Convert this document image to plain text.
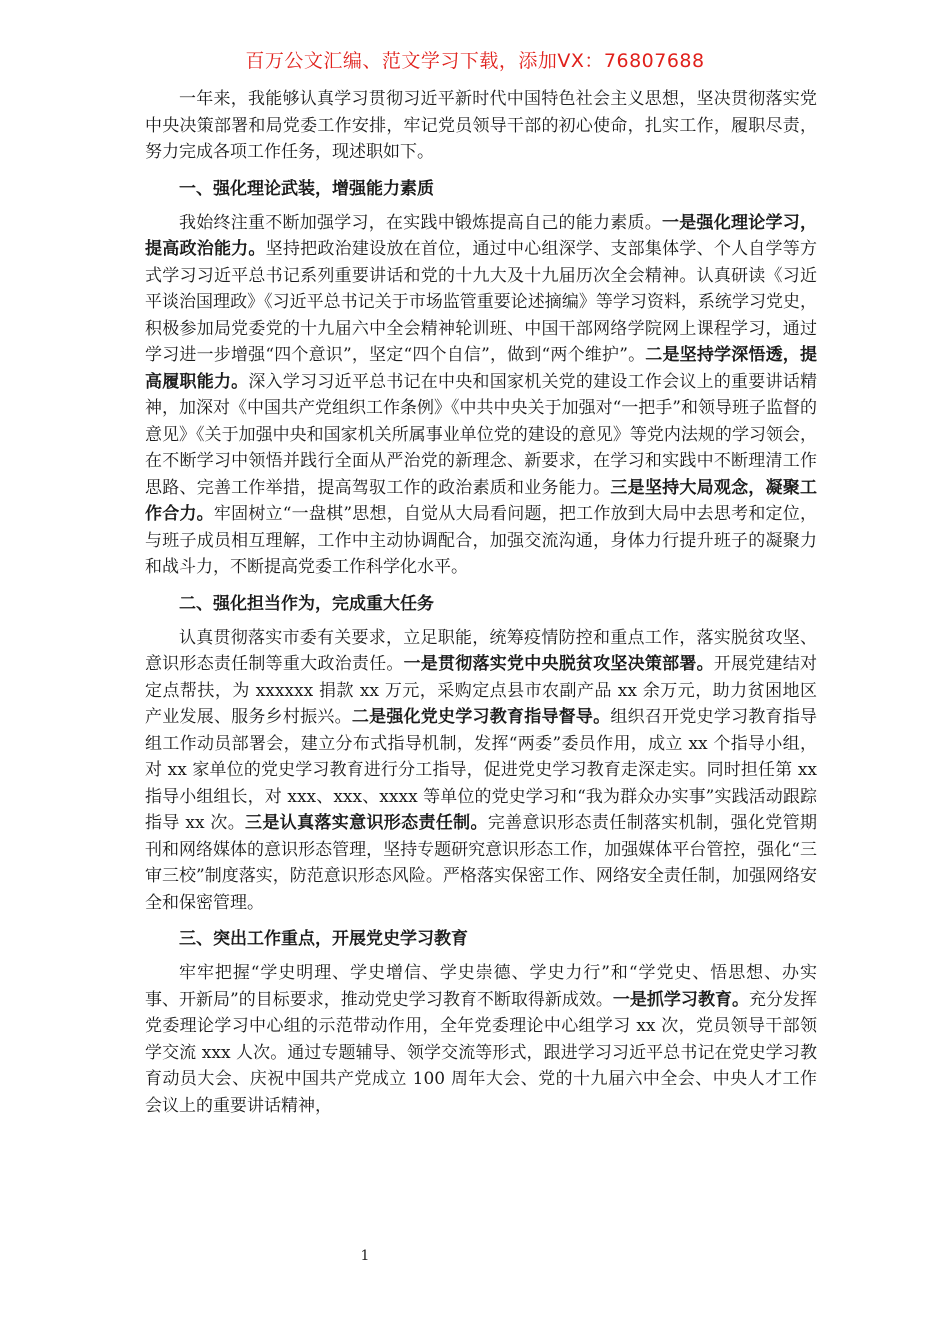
百万公文汇编、范文学习下载，添加VX：76807688

一年来，我能够认真学习贯彻习近平新时代中国特色社会主义思想，坚决贯彻落实党中央决策部署和局党委工作安排，牢记党员领导干部的初心使命，扎实工作，履职尽责，努力完成各项工作任务，现述职如下。

一、强化理论武装，增强能力素质

我始终注重不断加强学习，在实践中锻炼提高自己的能力素质。一是强化理论学习，提高政治能力。坚持把政治建设放在首位，通过中心组深学、支部集体学、个人自学等方式学习习近平总书记系列重要讲话和党的十九大及十九届历次全会精神。认真研读《习近平谈治国理政》《习近平总书记关于市场监管重要论述摘编》等学习资料，系统学习党史，积极参加局党委党的十九届六中全会精神轮训班、中国干部网络学院网上课程学习，通过学习进一步增强“四个意识”，坚定“四个自信”，做到“两个维护”。二是坚持学深悟透，提高履职能力。深入学习习近平总书记在中央和国家机关党的建设工作会议上的重要讲话精神，加深对《中国共产党组织工作条例》《中共中央关于加强对“一把手”和领导班子监督的意见》《关于加强中央和国家机关所属事业单位党的建设的意见》等党内法规的学习领会，在不断学习中领悟并践行全面从严治党的新理念、新要求，在学习和实践中不断理清工作思路、完善工作举措，提高驾驭工作的政治素质和业务能力。三是坚持大局观念，凝聚工作合力。牢固树立“一盘棋”思想，自觉从大局看问题，把工作放到大局中去思考和定位，与班子成员相互理解，工作中主动协调配合，加强交流沟通，身体力行提升班子的凝聚力和战斗力，不断提高党委工作科学化水平。

二、强化担当作为，完成重大任务

认真贯彻落实市委有关要求，立足职能，统筹疫情防控和重点工作，落实脱贫攻坚、意识形态责任制等重大政治责任。一是贯彻落实党中央脱贫攻坚决策部署。开展党建结对定点帮扶，为 xxxxxx 捐款 xx 万元，采购定点县市农副产品 xx 余万元，助力贫困地区产业发展、服务乡村振兴。二是强化党史学习教育指导督导。组织召开党史学习教育指导组工作动员部署会，建立分布式指导机制，发挥“两委”委员作用，成立 xx 个指导小组，对 xx 家单位的党史学习教育进行分工指导，促进党史学习教育走深走实。同时担任第 xx 指导小组组长，对 xxx、xxx、xxxx 等单位的党史学习和“我为群众办实事”实践活动跟踪指导 xx 次。三是认真落实意识形态责任制。完善意识形态责任制落实机制，强化党管期刊和网络媒体的意识形态管理，坚持专题研究意识形态工作，加强媒体平台管控，强化“三审三校”制度落实，防范意识形态风险。严格落实保密工作、网络安全责任制，加强网络安全和保密管理。

三、突出工作重点，开展党史学习教育

牢牢把握“学史明理、学史增信、学史崇德、学史力行”和“学党史、悟思想、办实事、开新局”的目标要求，推动党史学习教育不断取得新成效。一是抓学习教育。充分发挥党委理论学习中心组的示范带动作用，全年党委理论中心组学习 xx 次，党员领导干部领学交流 xxx 人次。通过专题辅导、领学交流等形式，跟进学习习近平总书记在党史学习教育动员大会、庆祝中国共产党成立 100 周年大会、党的十九届六中全会、中央人才工作会议上的重要讲话精神，

1
